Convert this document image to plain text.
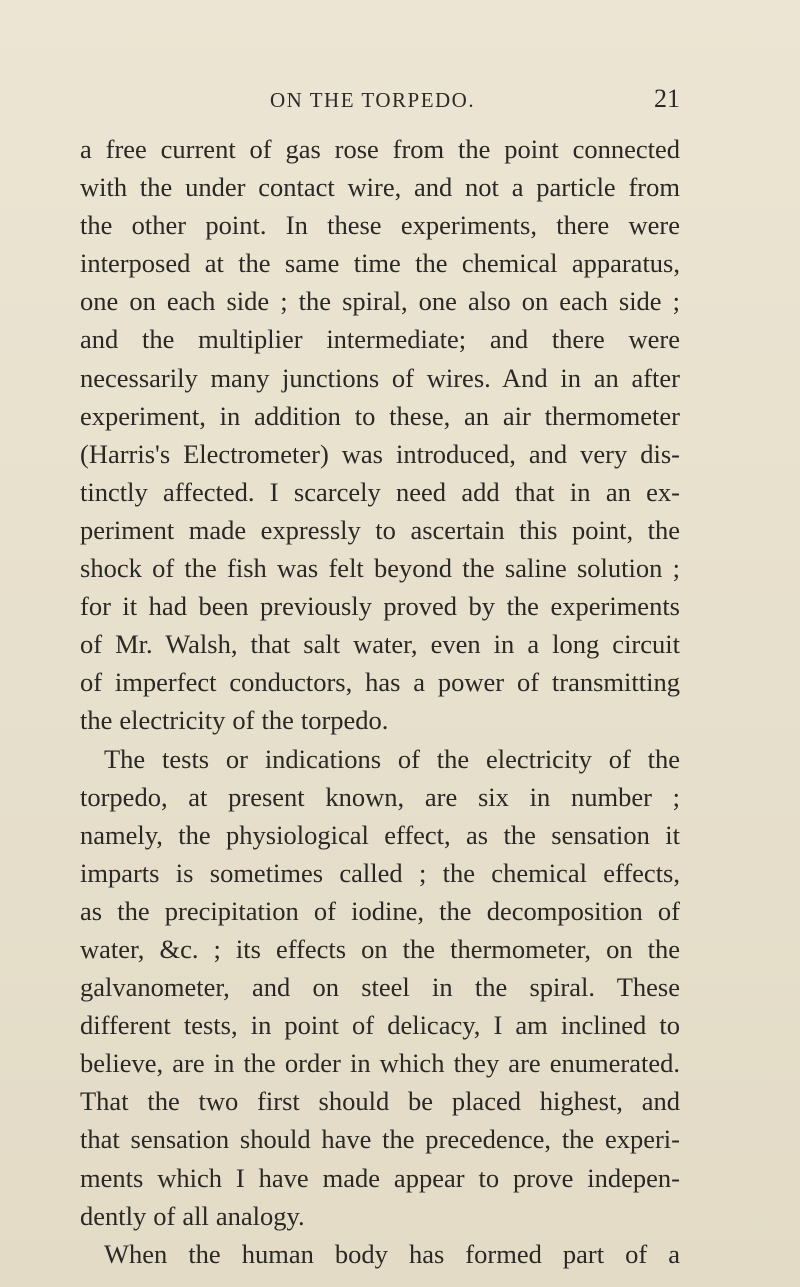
ON THE TORPEDO.	21
a free current of gas rose from the point connected
with the under contact wire, and not a particle from
the other point. In these experiments, there were
interposed at the same time the chemical apparatus,
one on each side ; the spiral, one also on each side ;
and the multiplier intermediate; and there were
necessarily many junctions of wires. And in an after
experiment, in addition to these, an air thermometer
(Harris's Electrometer) was introduced, and very dis-
tinctly affected. I scarcely need add that in an ex-
periment made expressly to ascertain this point, the
shock of the fish was felt beyond the saline solution ;
for it had been previously proved by the experiments
of Mr. Walsh, that salt water, even in a long circuit
of imperfect conductors, has a power of transmitting
the electricity of the torpedo.
The tests or indications of the electricity of the
torpedo, at present known, are six in number ;
namely, the physiological effect, as the sensation it
imparts is sometimes called ; the chemical effects,
as the precipitation of iodine, the decomposition of
water, &c. ; its effects on the thermometer, on the
galvanometer, and on steel in the spiral. These
different tests, in point of delicacy, I am inclined to
believe, are in the order in which they are enumerated.
That the two first should be placed highest, and
that sensation should have the precedence, the experi-
ments which I have made appear to prove indepen-
dently of all analogy.
When the human body has formed part of a
